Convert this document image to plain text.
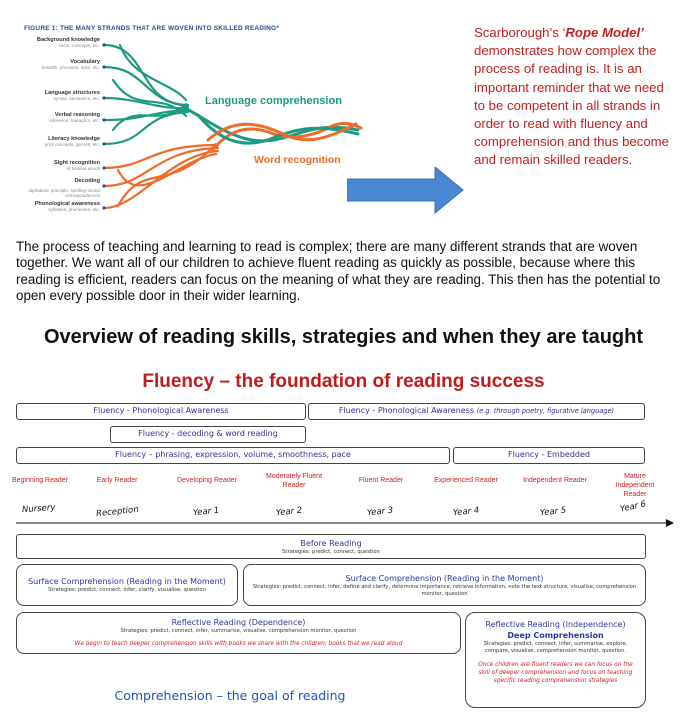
FIGURE 1: THE MANY STRANDS THAT ARE WOVEN INTO SKILLED READING*
Background knowledge
facts, concepts, etc.
Vocabulary
breadth, precision, links, etc.
Language structures
syntax, semantics, etc.
Verbal reasoning
inference, metaphor, etc.
Literacy knowledge
print concepts, genres, etc.
Sight recognition
of familiar words
Decoding
alphabetic principle, spelling-sound correspondences
Phonological awareness
syllables, phonemes, etc.
Language comprehension
Word recognition
Scarborough’s ‘Rope Model’ demonstrates how complex the process of reading is. It is an important reminder that we need to be competent in all strands in order to read with fluency and comprehension and thus become and remain skilled readers.
The process of teaching and learning to read is complex; there are many different strands that are woven together. We want all of our children to achieve fluent reading as quickly as possible, because where this reading is efficient, readers can focus on the meaning of what they are reading. This then has the potential to open every possible door in their wider learning.
Overview of reading skills, strategies and when they are taught
Fluency – the foundation of reading success
Fluency - Phonological Awareness	Fluency - Phonological Awareness (e.g. through poetry, figurative language)
Fluency - decoding & word reading
Fluency – phrasing, expression, volume, smoothness, pace	Fluency - Embedded
Beginning Reader	Early Reader	Developing Reader
Moderately Fluent Reader
Fluent Reader	Experienced Reader	Independent Reader
Mature Independent Reader
Nursery	Reception	Year 1	Year 2	Year 3	Year 4	Year 5	Year 6
Before Reading
Strategies: predict, connect, question
Surface Comprehension (Reading in the Moment)
Strategies: predict, connect, infer, clarify, visualise, question
Surface Comprehension (Reading in the Moment)
Strategies: predict, connect, infer, define and clarify, determine importance, retrieve information, note the text structure, visualise, comprehension monitor, question
Reflective Reading (Dependence)
Strategies: predict, connect, infer, summarise, visualise, comprehension monitor, question
We begin to teach deeper comprehension skills with books we share with the children; books that we read aloud
Reflective Reading (Independence)
Deep Comprehension
Strategies: predict, connect, infer, summarise, explore, compare, visualise, comprehension monitor, question.
Once children are fluent readers we can focus on the skill of deeper comprehension and focus on teaching specific reading comprehension strategies
Comprehension – the goal of reading
